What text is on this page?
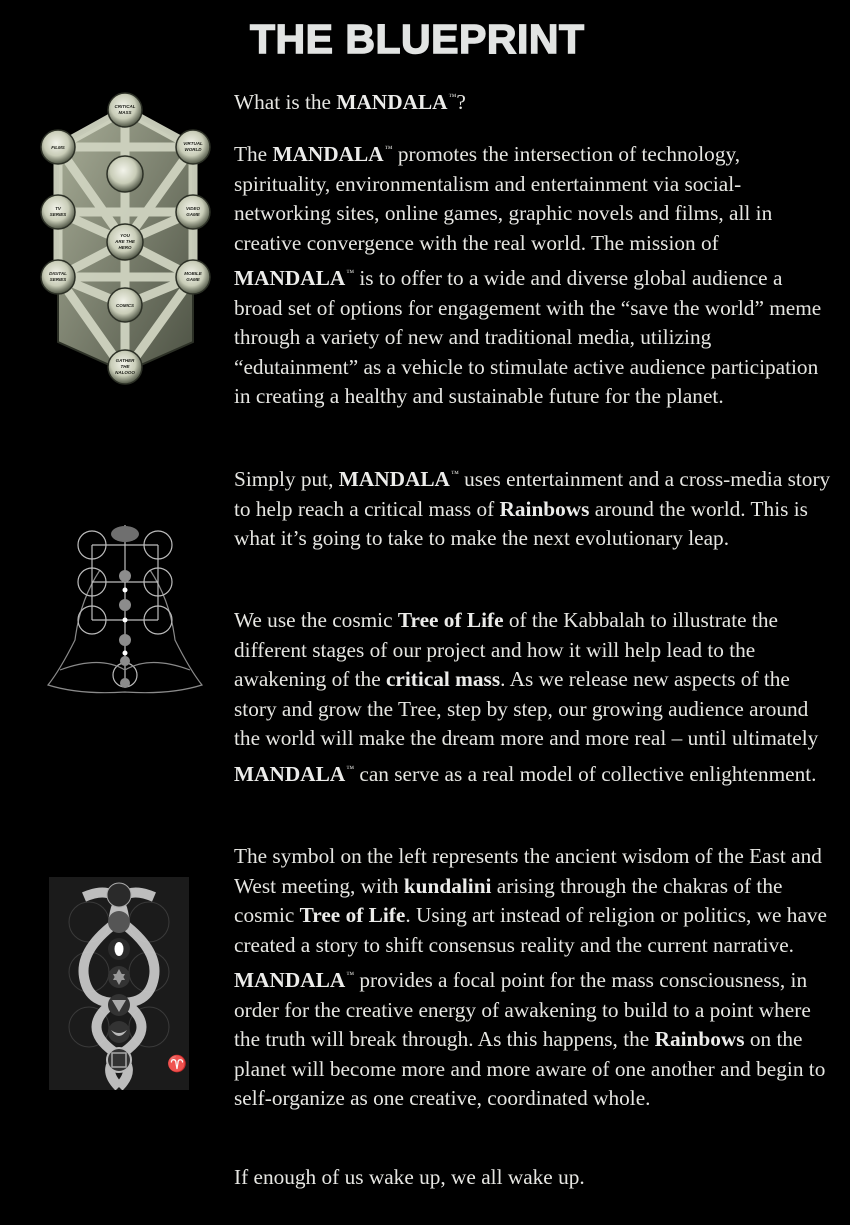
THE BLUEPRINT
CRITICAL
MASS
FILMS
VIRTUAL
WORLD
TV
SERIES
VIDEO
GAME
YOU
ARE THE
HERO
DIGITAL
SERIES
MOBILE
GAME
COMICS
GATHER
THE
NALOOO
♈

What is the MANDALA™?

The MANDALA™ promotes the intersection of technology, spirituality, environmentalism and entertainment via social-networking sites, online games, graphic novels and films, all in creative convergence with the real world. The mission of MANDALA™ is to offer to a wide and diverse global audience a broad set of options for engagement with the “save the world” meme through a variety of new and traditional media, utilizing “edutainment” as a vehicle to stimulate active audience participation in creating a healthy and sustainable future for the planet.

Simply put, MANDALA™ uses entertainment and a cross-media story to help reach a critical mass of Rainbows around the world. This is what it’s going to take to make the next evolutionary leap.

We use the cosmic Tree of Life of the Kabbalah to illustrate the different stages of our project and how it will help lead to the awakening of the critical mass. As we release new aspects of the story and grow the Tree, step by step, our growing audience around the world will make the dream more and more real – until ultimately MANDALA™ can serve as a real model of collective enlightenment.

The symbol on the left represents the ancient wisdom of the East and West meeting, with kundalini arising through the chakras of the cosmic Tree of Life. Using art instead of religion or politics, we have created a story to shift consensus reality and the current narrative. MANDALA™ provides a focal point for the mass consciousness, in order for the creative energy of awakening to build to a point where the truth will break through. As this happens, the Rainbows on the planet will become more and more aware of one another and begin to self-organize as one creative, coordinated whole.

If enough of us wake up, we all wake up.
